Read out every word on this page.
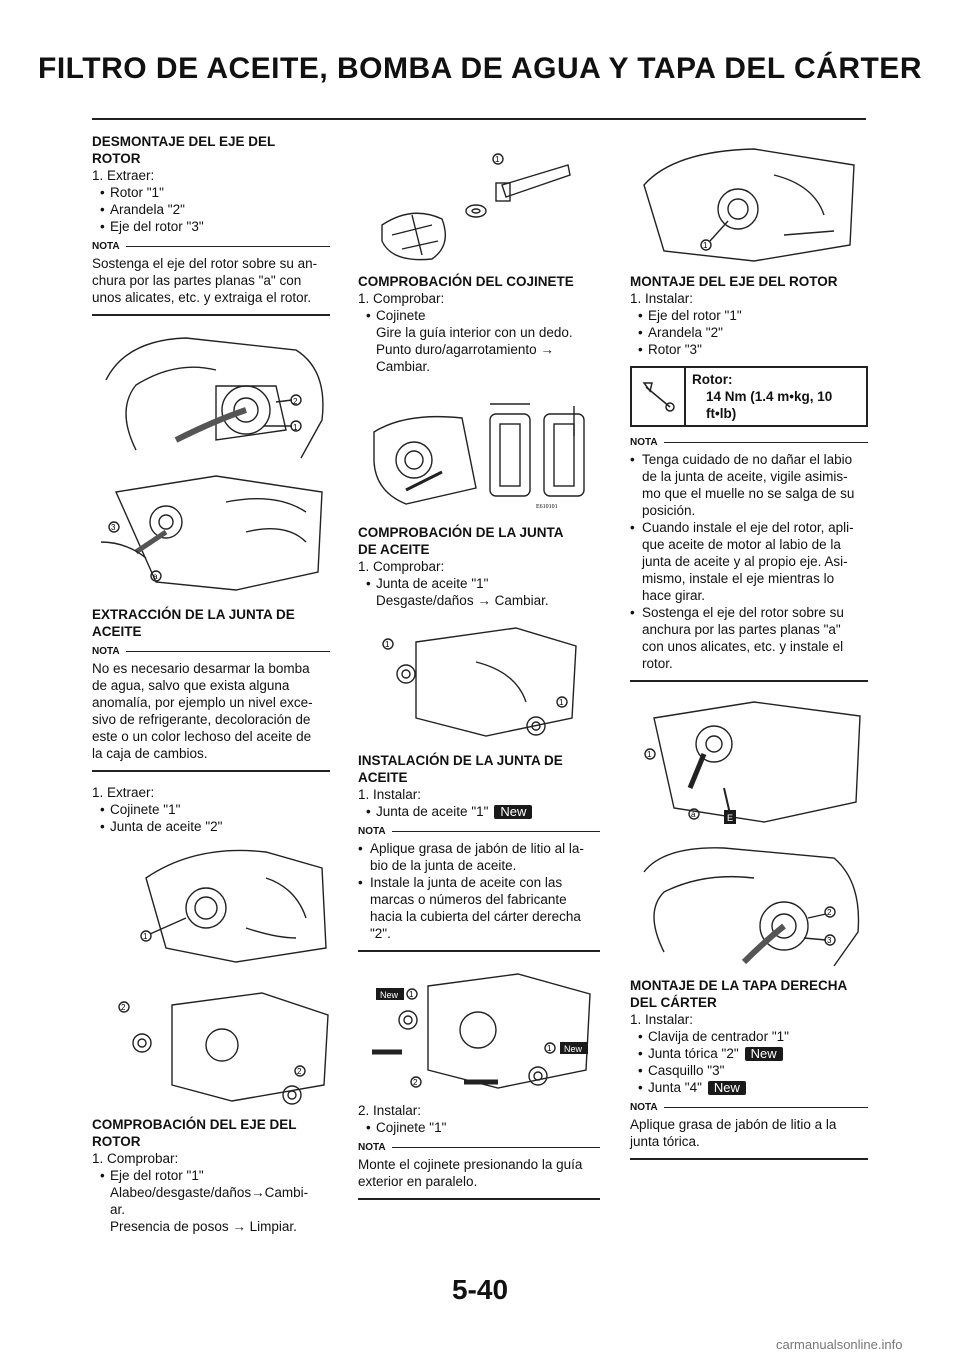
FILTRO DE ACEITE, BOMBA DE AGUA Y TAPA DEL CÁRTER
DESMONTAJE DEL EJE DEL
ROTOR
1. Extraer:
• Rotor "1"
• Arandela "2"
• Eje del rotor "3"
NOTA
Sostenga el eje del rotor sobre su an-
chura por las partes planas "a" con
unos alicates, etc. y extraiga el rotor.
2
1
3
a
EXTRACCIÓN DE LA JUNTA DE
ACEITE
NOTA
No es necesario desarmar la bomba
de agua, salvo que exista alguna
anomalía, por ejemplo un nivel exce-
sivo de refrigerante, decoloración de
este o un color lechoso del aceite de
la caja de cambios.
1. Extraer:
• Cojinete "1"
• Junta de aceite "2"
1
2
2
COMPROBACIÓN DEL EJE DEL
ROTOR
1. Comprobar:
• Eje del rotor "1"
Alabeo/desgaste/daños→Cambi-
ar.
Presencia de posos → Limpiar.
1
COMPROBACIÓN DEL COJINETE
1. Comprobar:
• Cojinete
Gire la guía interior con un dedo.
Punto duro/agarrotamiento →
Cambiar.
E610101
COMPROBACIÓN DE LA JUNTA
DE ACEITE
1. Comprobar:
• Junta de aceite "1"
Desgaste/daños → Cambiar.
1
1
INSTALACIÓN DE LA JUNTA DE
ACEITE
1. Instalar:
• Junta de aceite "1" New
NOTA
• Aplique grasa de jabón de litio al la-
bio de la junta de aceite.
• Instale la junta de aceite con las
marcas o números del fabricante
hacia la cubierta del cárter derecha
"2".
New
New
1
1
2
2. Instalar:
• Cojinete "1"
NOTA
Monte el cojinete presionando la guía
exterior en paralelo.
1
MONTAJE DEL EJE DEL ROTOR
1. Instalar:
• Eje del rotor "1"
• Arandela "2"
• Rotor "3"
Rotor:
14 Nm (1.4 m•kg, 10
ft•lb)
NOTA
• Tenga cuidado de no dañar el labio
de la junta de aceite, vigile asimis-
mo que el muelle no se salga de su
posición.
• Cuando instale el eje del rotor, apli-
que aceite de motor al labio de la
junta de aceite y al propio eje. Asi-
mismo, instale el eje mientras lo
hace girar.
• Sostenga el eje del rotor sobre su
anchura por las partes planas "a"
con unos alicates, etc. y instale el
rotor.
E
1
a
2
3
MONTAJE DE LA TAPA DERECHA
DEL CÁRTER
1. Instalar:
• Clavija de centrador "1"
• Junta tórica "2" New
• Casquillo "3"
• Junta "4" New
NOTA
Aplique grasa de jabón de litio a la
junta tórica.
5-40
carmanualsonline.info
